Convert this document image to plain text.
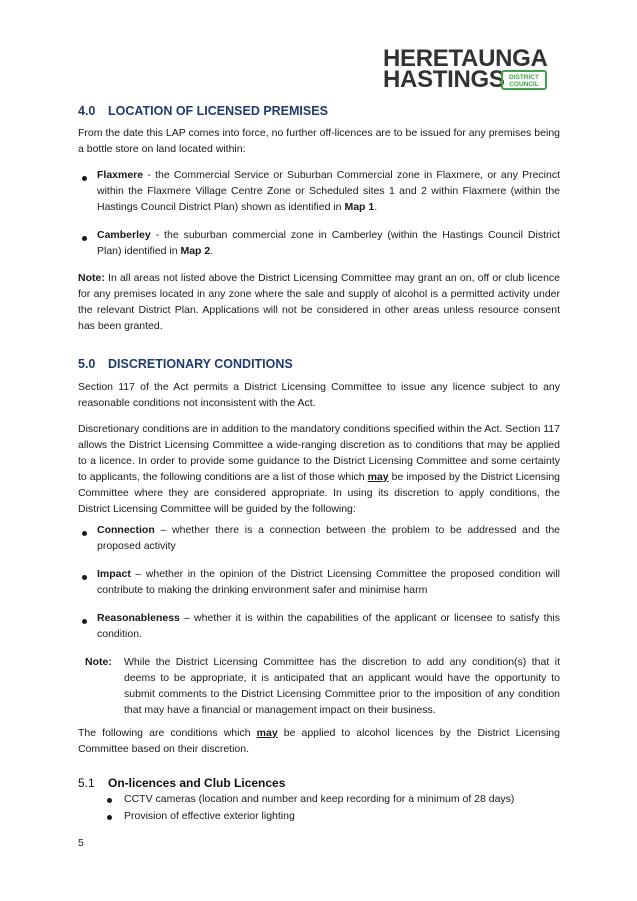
HERETAUNGA
HASTINGS DISTRICT COUNCIL
4.0 LOCATION OF LICENSED PREMISES
From the date this LAP comes into force, no further off-licences are to be issued for any premises being a bottle store on land located within:
Flaxmere - the Commercial Service or Suburban Commercial zone in Flaxmere, or any Precinct within the Flaxmere Village Centre Zone or Scheduled sites 1 and 2 within Flaxmere (within the Hastings Council District Plan) shown as identified in Map 1.
Camberley - the suburban commercial zone in Camberley (within the Hastings Council District Plan) identified in Map 2.
Note: In all areas not listed above the District Licensing Committee may grant an on, off or club licence for any premises located in any zone where the sale and supply of alcohol is a permitted activity under the relevant District Plan. Applications will not be considered in other areas unless resource consent has been granted.
5.0 DISCRETIONARY CONDITIONS
Section 117 of the Act permits a District Licensing Committee to issue any licence subject to any reasonable conditions not inconsistent with the Act.
Discretionary conditions are in addition to the mandatory conditions specified within the Act. Section 117 allows the District Licensing Committee a wide-ranging discretion as to conditions that may be applied to a licence. In order to provide some guidance to the District Licensing Committee and some certainty to applicants, the following conditions are a list of those which may be imposed by the District Licensing Committee where they are considered appropriate. In using its discretion to apply conditions, the District Licensing Committee will be guided by the following:
Connection – whether there is a connection between the problem to be addressed and the proposed activity
Impact – whether in the opinion of the District Licensing Committee the proposed condition will contribute to making the drinking environment safer and minimise harm
Reasonableness – whether it is within the capabilities of the applicant or licensee to satisfy this condition.
Note:	While the District Licensing Committee has the discretion to add any condition(s) that it deems to be appropriate, it is anticipated that an applicant would have the opportunity to submit comments to the District Licensing Committee prior to the imposition of any condition that may have a financial or management impact on their business.
The following are conditions which may be applied to alcohol licences by the District Licensing Committee based on their discretion.
5.1 On-licences and Club Licences
CCTV cameras (location and number and keep recording for a minimum of 28 days)
Provision of effective exterior lighting
5
